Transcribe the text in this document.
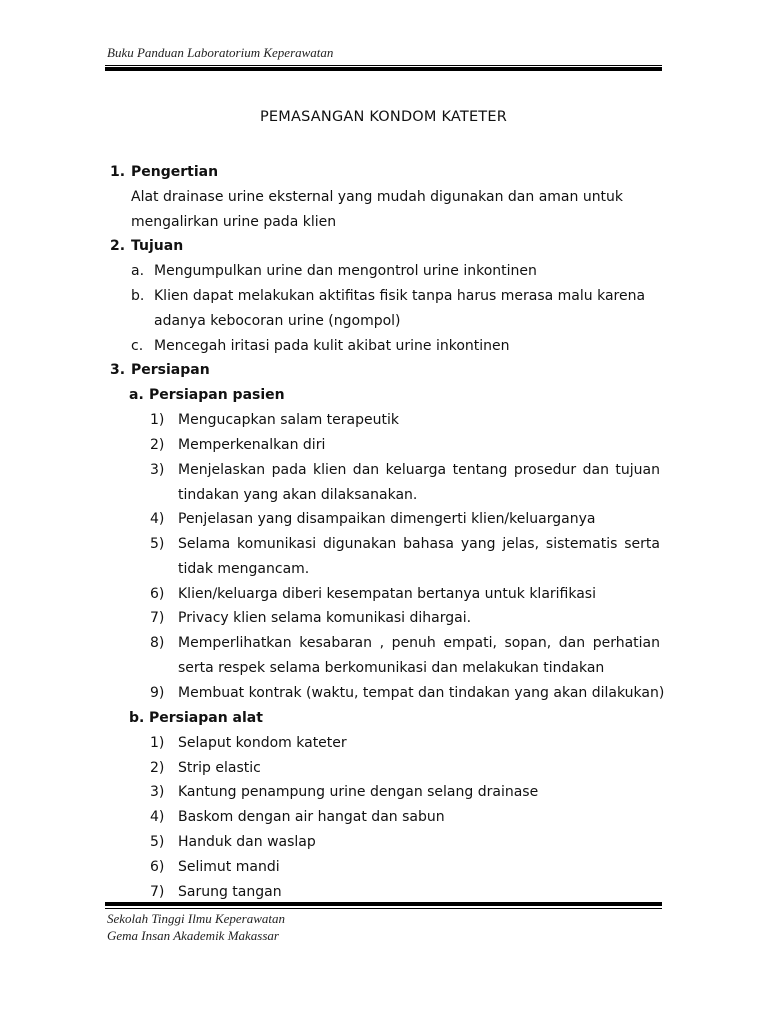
Buku Panduan Laboratorium Keperawatan
PEMASANGAN KONDOM KATETER
1. Pengertian
Alat drainase urine eksternal yang mudah digunakan dan aman untuk
mengalirkan urine pada klien
2. Tujuan
a. Mengumpulkan urine dan mengontrol urine inkontinen
b. Klien dapat melakukan aktifitas fisik tanpa harus merasa malu karena
adanya kebocoran urine (ngompol)
c. Mencegah iritasi pada kulit akibat urine inkontinen
3. Persiapan
a. Persiapan pasien
1) Mengucapkan salam terapeutik
2) Memperkenalkan diri
3) Menjelaskan pada klien dan keluarga tentang prosedur dan tujuan
tindakan yang akan dilaksanakan.
4) Penjelasan yang disampaikan dimengerti klien/keluarganya
5) Selama komunikasi digunakan bahasa yang jelas, sistematis serta
tidak mengancam.
6) Klien/keluarga diberi kesempatan bertanya untuk klarifikasi
7) Privacy klien selama komunikasi dihargai.
8) Memperlihatkan kesabaran , penuh empati, sopan, dan perhatian
serta respek selama berkomunikasi dan melakukan tindakan
9) Membuat kontrak (waktu, tempat dan tindakan yang akan dilakukan)
b. Persiapan alat
1) Selaput kondom kateter
2) Strip elastic
3) Kantung penampung urine dengan selang drainase
4) Baskom dengan air hangat dan sabun
5) Handuk dan waslap
6) Selimut mandi
7) Sarung tangan
Sekolah Tinggi Ilmu Keperawatan
Gema Insan Akademik Makassar
